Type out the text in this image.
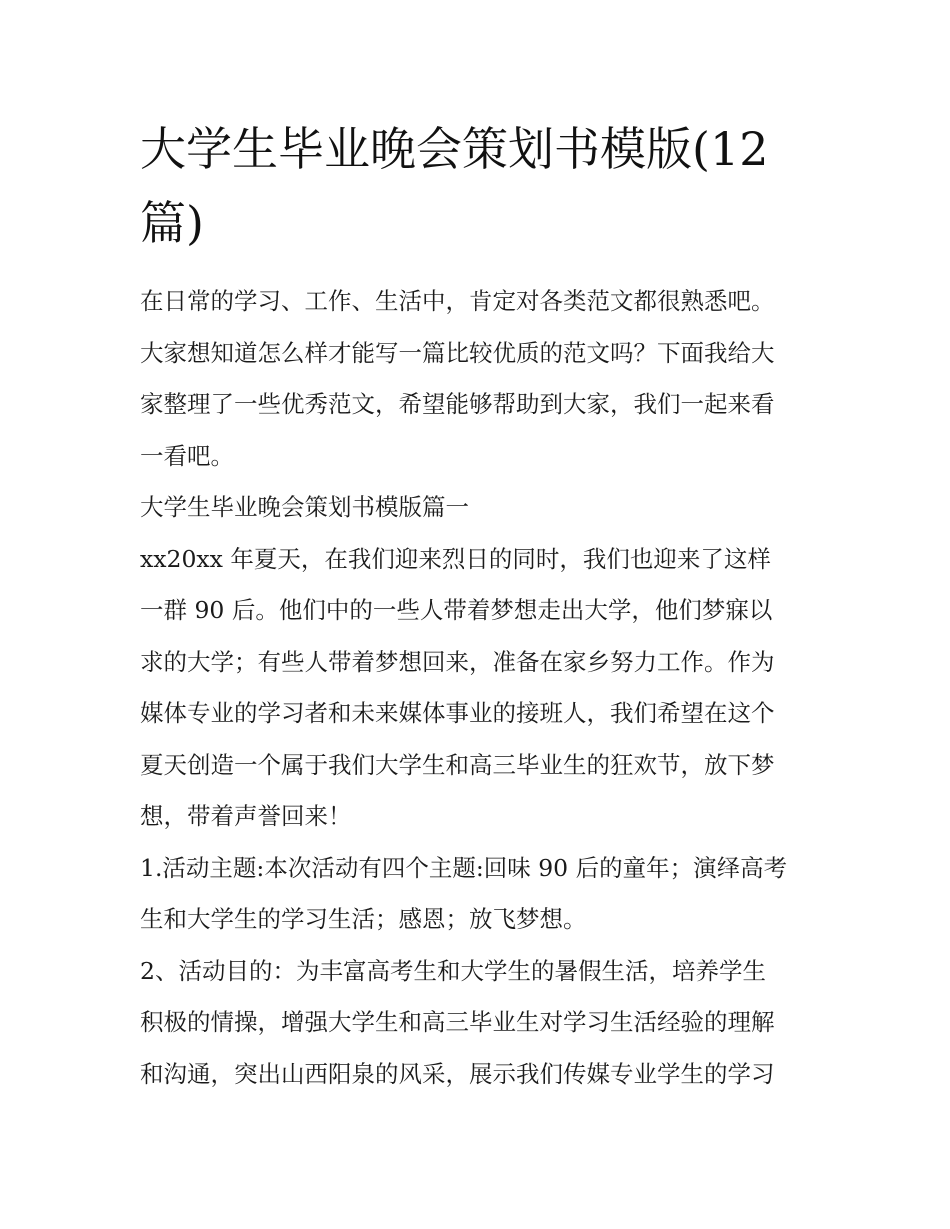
大学生毕业晚会策划书模版(12
篇)

在日常的学习、工作、生活中，肯定对各类范文都很熟悉吧。
大家想知道怎么样才能写一篇比较优质的范文吗？下面我给大
家整理了一些优秀范文，希望能够帮助到大家，我们一起来看
一看吧。

大学生毕业晚会策划书模版篇一

xx20xx 年夏天，在我们迎来烈日的同时，我们也迎来了这样
一群 90 后。他们中的一些人带着梦想走出大学，他们梦寐以
求的大学；有些人带着梦想回来，准备在家乡努力工作。作为
媒体专业的学习者和未来媒体事业的接班人，我们希望在这个
夏天创造一个属于我们大学生和高三毕业生的狂欢节，放下梦
想，带着声誉回来！

1.活动主题:本次活动有四个主题:回味 90 后的童年；演绎高考
生和大学生的学习生活；感恩；放飞梦想。

2、活动目的：为丰富高考生和大学生的暑假生活，培养学生
积极的情操，增强大学生和高三毕业生对学习生活经验的理解
和沟通，突出山西阳泉的风采，展示我们传媒专业学生的学习
